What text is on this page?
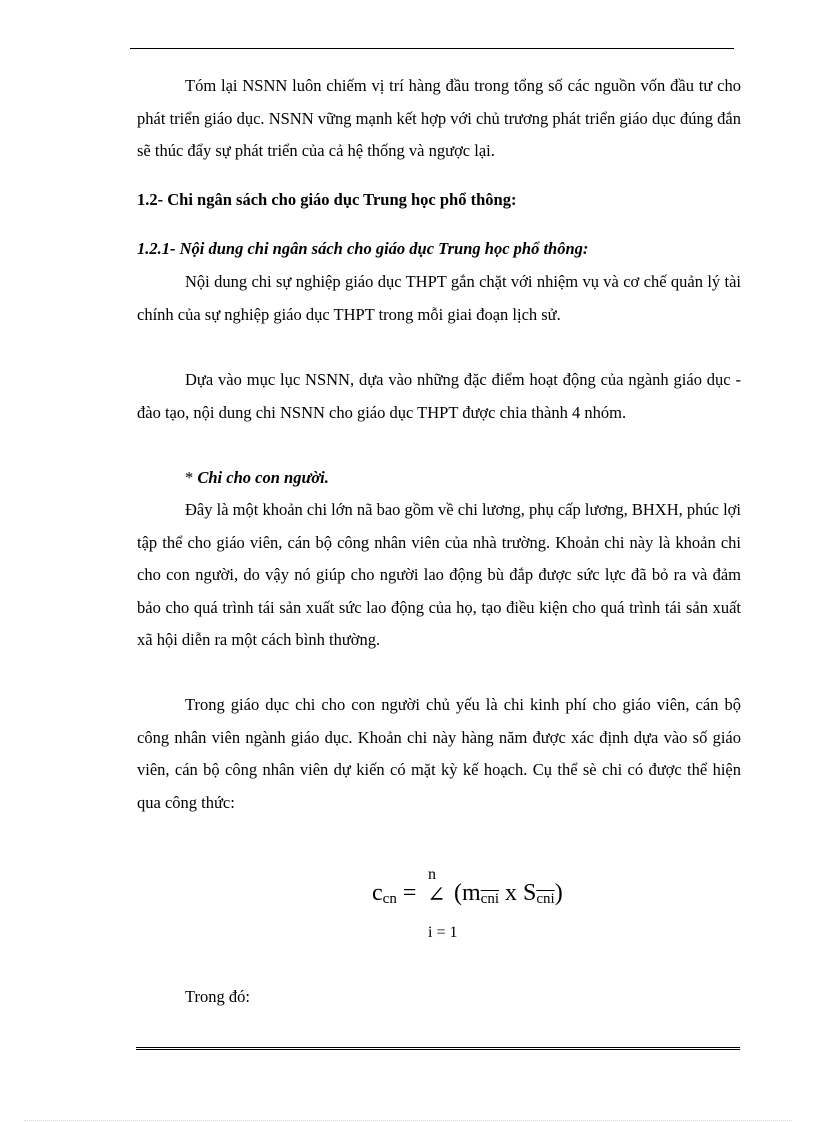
Tóm lại NSNN luôn chiếm vị trí hàng đầu trong tổng số các nguồn vốn đầu tư cho phát triển giáo dục. NSNN vững mạnh kết hợp với chủ trương phát triển giáo dục đúng đắn sẽ thúc đẩy sự phát triển của cả hệ thống và ngược lại.

1.2- Chi ngân sách cho giáo dục Trung học phổ thông:

1.2.1- Nội dung chi ngân sách cho giáo dục Trung học phổ thông:

Nội dung chi sự nghiệp giáo dục THPT gắn chặt với nhiệm vụ và cơ chế quản lý tài chính của sự nghiệp giáo dục THPT trong mỗi giai đoạn lịch sử.

Dựa vào mục lục NSNN, dựa vào những đặc điểm hoạt động của ngành giáo dục - đào tạo, nội dung chi NSNN cho giáo dục THPT được chia thành 4 nhóm.

* Chi cho con người.

Đây là một khoản chi lớn nã bao gồm về chi lương, phụ cấp lương, BHXH, phúc lợi tập thể cho giáo viên, cán bộ công nhân viên của nhà trường. Khoản chi này là khoản chi cho con người, do vậy nó giúp cho người lao động bù đắp được sức lực đã bỏ ra và đảm bảo cho quá trình tái sản xuất sức lao động của họ, tạo điều kiện cho quá trình tái sản xuất xã hội diễn ra một cách bình thường.

Trong giáo dục chi cho con người chủ yếu là chi kinh phí cho giáo viên, cán bộ công nhân viên ngành giáo dục. Khoản chi này hàng năm được xác định dựa vào số giáo viên, cán bộ công nhân viên dự kiến có mặt kỳ kế hoạch. Cụ thể sè chi có được thể hiện qua công thức:

n
$c_{cn}$ = ∠ ($m_{\overline{cni}}$ x $S_{\overline{cni}}$)
i = 1

Trong đó:
